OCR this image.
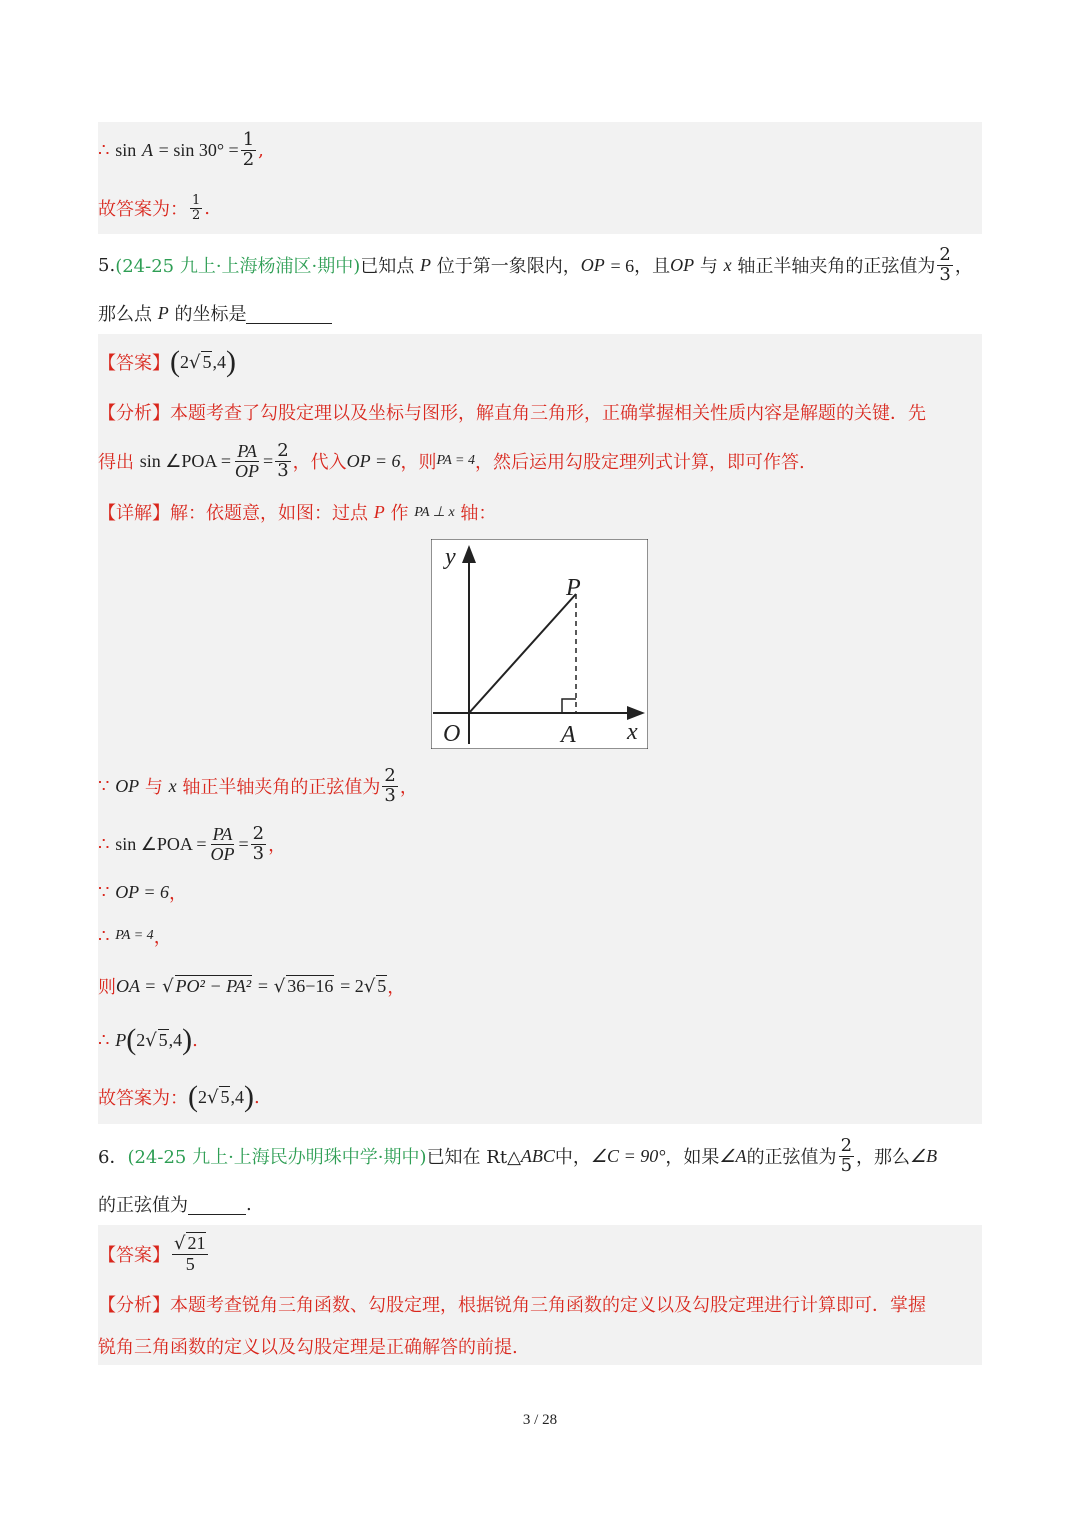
∴
sin
A
= $\sin 30^\circ = \frac{1}{2}$ ,
故答案为： $\frac{1}{2}$ .
5. (24-25 九上·上海杨浦区·期中) 已知点
P
位于第一象限内， OP
= 6，且 OP
与
x
轴正半轴夹角的正弦值为 $\frac{2}{3}$ ，
那么点
P
的坐标是
【答案】 ( 2 √ 5 ,4 )
【分析】 本题考查了勾股定理以及坐标与图形，解直角三角形，正确掌握相关性质内容是解题的关键．先
得出
sin ∠POA = $\frac{PA}{OP} = \frac{2}{3}$ ，代入 OP = 6 ，则 PA = 4 ，然后运用勾股定理列式计算，即可作答.
【详解】 解：依题意，如图：过点
P
作
PA ⊥ x
轴：
y
P
O	A x
∵
OP
与
x
轴正半轴夹角的正弦值为 $\frac{2}{3}$ ，
∴
sin ∠POA = $\frac{PA}{OP} = \frac{2}{3}$ ，
∵
OP = 6 ，
∴
PA = 4 ，
则 OA =
√ PO² − PA²
=
√ 36−16
= 2 √ 5 ，
∴
P ( 2 √ 5 ,4 ) .
故答案为： ( 2 √ 5 ,4 ) .
6． (24-25 九上·上海民办明珠中学·期中) 已知在 Rt△ ABC 中， ∠C = 90° ，如果 ∠A 的正弦值为 $\frac{2}{5}$ ，那么 ∠B
的正弦值为	.
【答案】 $\frac{√ 21}{5}$
【分析】 本题考查锐角三角函数、勾股定理，根据锐角三角函数的定义以及勾股定理进行计算即可．掌握
锐角三角函数的定义以及勾股定理是正确解答的前提.
3 / 28
